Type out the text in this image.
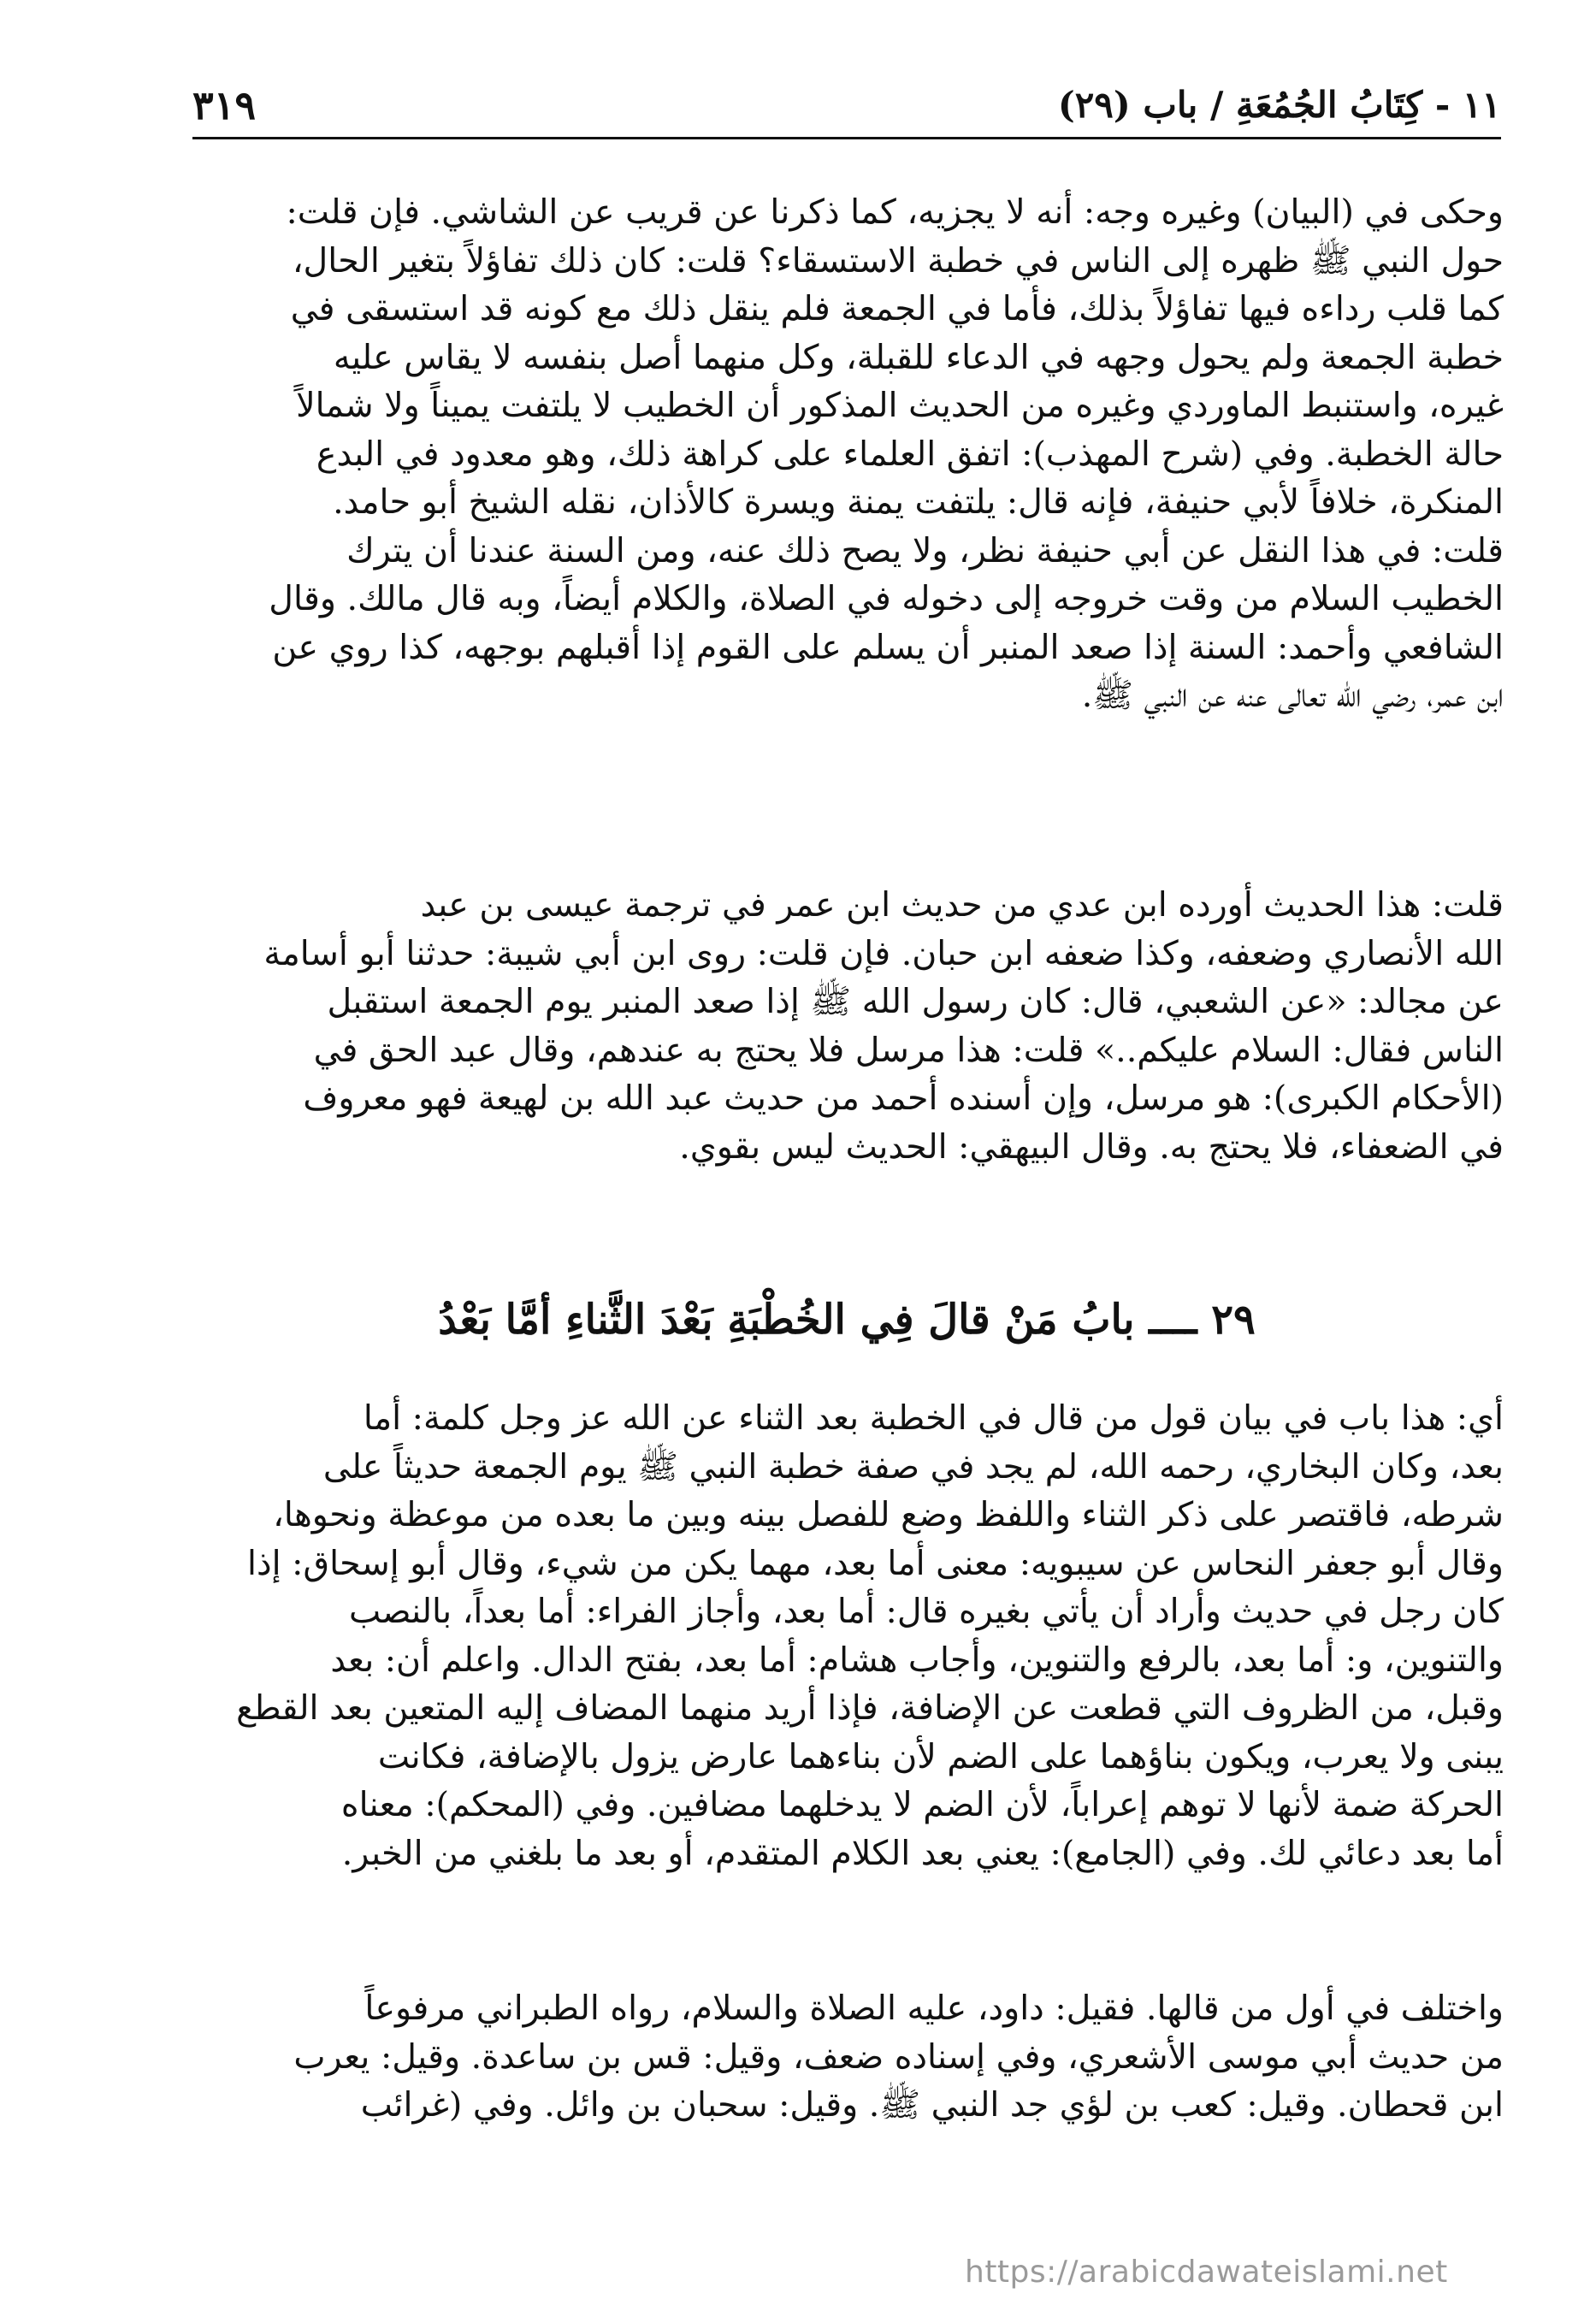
١١ - كِتَابُ الجُمُعَةِ / باب (٢٩)
٣١٩
وحكى في (البيان) وغيره وجه: أنه لا يجزيه، كما ذكرنا عن قريب عن الشاشي. فإن قلت:
حول النبي ﷺ ظهره إلى الناس في خطبة الاستسقاء؟ قلت: كان ذلك تفاؤلاً بتغير الحال،
كما قلب رداءه فيها تفاؤلاً بذلك، فأما في الجمعة فلم ينقل ذلك مع كونه قد استسقى في
خطبة الجمعة ولم يحول وجهه في الدعاء للقبلة، وكل منهما أصل بنفسه لا يقاس عليه
غيره، واستنبط الماوردي وغيره من الحديث المذكور أن الخطيب لا يلتفت يميناً ولا شمالاً
حالة الخطبة. وفي (شرح المهذب): اتفق العلماء على كراهة ذلك، وهو معدود في البدع
المنكرة، خلافاً لأبي حنيفة، فإنه قال: يلتفت يمنة ويسرة كالأذان، نقله الشيخ أبو حامد.
قلت: في هذا النقل عن أبي حنيفة نظر، ولا يصح ذلك عنه، ومن السنة عندنا أن يترك
الخطيب السلام من وقت خروجه إلى دخوله في الصلاة، والكلام أيضاً، وبه قال مالك. وقال
الشافعي وأحمد: السنة إذا صعد المنبر أن يسلم على القوم إذا أقبلهم بوجهه، كذا روي عن
ابن عمر، رضي الله تعالى عنه عن النبي ﷺ.
قلت: هذا الحديث أورده ابن عدي من حديث ابن عمر في ترجمة عيسى بن عبد
الله الأنصاري وضعفه، وكذا ضعفه ابن حبان. فإن قلت: روى ابن أبي شيبة: حدثنا أبو أسامة
عن مجالد: «عن الشعبي، قال: كان رسول الله ﷺ إذا صعد المنبر يوم الجمعة استقبل
الناس فقال: السلام عليكم..» قلت: هذا مرسل فلا يحتج به عندهم، وقال عبد الحق في
(الأحكام الكبرى): هو مرسل، وإن أسنده أحمد من حديث عبد الله بن لهيعة فهو معروف
في الضعفاء، فلا يحتج به. وقال البيهقي: الحديث ليس بقوي.
٢٩ ــــ بابُ مَنْ قالَ فِي الخُطْبَةِ بَعْدَ الثَّناءِ أمَّا بَعْدُ
أي: هذا باب في بيان قول من قال في الخطبة بعد الثناء عن الله عز وجل كلمة: أما
بعد، وكان البخاري، رحمه الله، لم يجد في صفة خطبة النبي ﷺ يوم الجمعة حديثاً على
شرطه، فاقتصر على ذكر الثناء واللفظ وضع للفصل بينه وبين ما بعده من موعظة ونحوها،
وقال أبو جعفر النحاس عن سيبويه: معنى أما بعد، مهما يكن من شيء، وقال أبو إسحاق: إذا
كان رجل في حديث وأراد أن يأتي بغيره قال: أما بعد، وأجاز الفراء: أما بعداً، بالنصب
والتنوين، و: أما بعد، بالرفع والتنوين، وأجاب هشام: أما بعد، بفتح الدال. واعلم أن: بعد
وقبل، من الظروف التي قطعت عن الإضافة، فإذا أريد منهما المضاف إليه المتعين بعد القطع
يبنى ولا يعرب، ويكون بناؤهما على الضم لأن بناءهما عارض يزول بالإضافة، فكانت
الحركة ضمة لأنها لا توهم إعراباً، لأن الضم لا يدخلهما مضافين. وفي (المحكم): معناه
أما بعد دعائي لك. وفي (الجامع): يعني بعد الكلام المتقدم، أو بعد ما بلغني من الخبر.
واختلف في أول من قالها. فقيل: داود، عليه الصلاة والسلام، رواه الطبراني مرفوعاً
من حديث أبي موسى الأشعري، وفي إسناده ضعف، وقيل: قس بن ساعدة. وقيل: يعرب
ابن قحطان. وقيل: كعب بن لؤي جد النبي ﷺ. وقيل: سحبان بن وائل. وفي (غرائب
https://arabicdawateislami.net
